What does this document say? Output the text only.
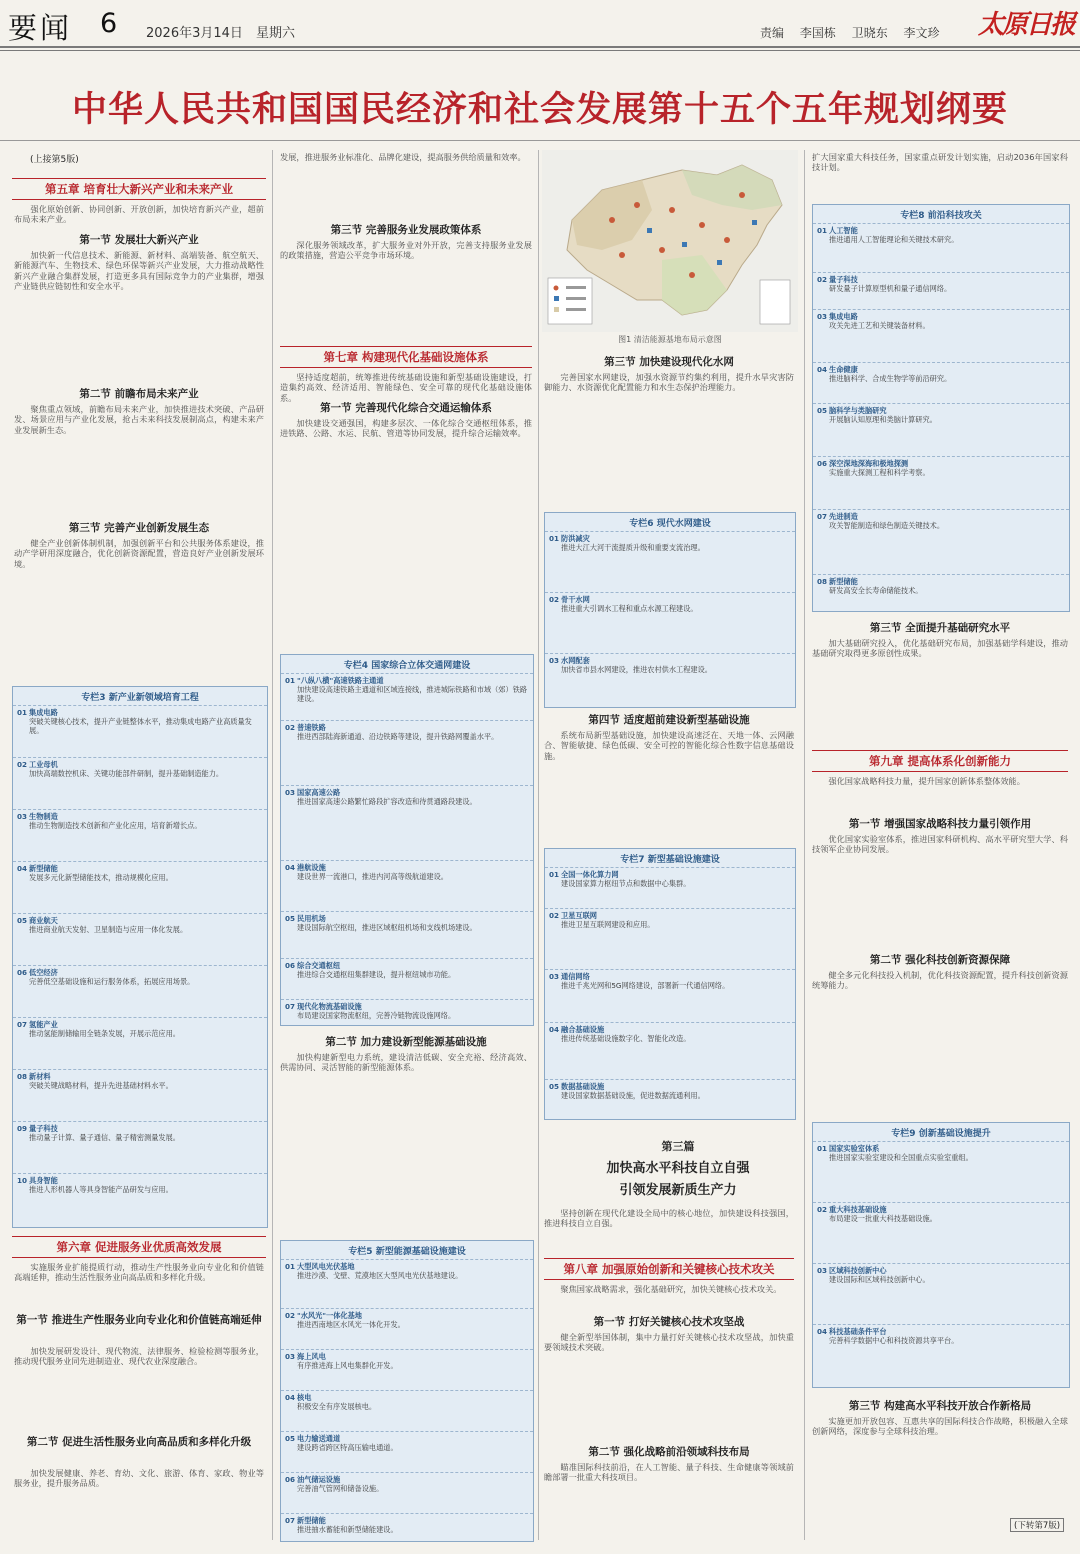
要闻 6 2026年3月14日 星期六	责编 李国栋 卫晓东 李文珍	太原日报
中华人民共和国国民经济和社会发展第十五个五年规划纲要
(上接第5版)
第五章 培育壮大新兴产业和未来产业
强化原始创新、协同创新、开放创新，加快培育新兴产业，超前布局未来产业。
第一节 发展壮大新兴产业
加快新一代信息技术、新能源、新材料、高端装备、航空航天、新能源汽车、生物技术、绿色环保等新兴产业发展，大力推动战略性新兴产业融合集群发展，打造更多具有国际竞争力的产业集群，增强产业链供应链韧性和安全水平。
第二节 前瞻布局未来产业
聚焦重点领域，前瞻布局未来产业，加快推进技术突破、产品研发、场景应用与产业化发展，抢占未来科技发展制高点，构建未来产业发展新生态。
第三节 完善产业创新发展生态
健全产业创新体制机制，加强创新平台和公共服务体系建设，推动产学研用深度融合，优化创新资源配置，营造良好产业创新发展环境。
专栏3 新产业新领域培育工程
01 集成电路
突破关键核心技术，提升产业链整体水平，推动集成电路产业高质量发展。
02 工业母机
加快高端数控机床、关键功能部件研制，提升基础制造能力。
03 生物制造
推动生物制造技术创新和产业化应用，培育新增长点。
04 新型储能
发展多元化新型储能技术，推动规模化应用。
05 商业航天
推进商业航天发射、卫星制造与应用一体化发展。
06 低空经济
完善低空基础设施和运行服务体系，拓展应用场景。
07 氢能产业
推动氢能制储输用全链条发展，开展示范应用。
08 新材料
突破关键战略材料，提升先进基础材料水平。
09 量子科技
推动量子计算、量子通信、量子精密测量发展。
10 具身智能
推进人形机器人等具身智能产品研发与应用。
第六章 促进服务业优质高效发展
实施服务业扩能提质行动，推动生产性服务业向专业化和价值链高端延伸，推动生活性服务业向高品质和多样化升级。
第一节 推进生产性服务业向专业化和价值链高端延伸
加快发展研发设计、现代物流、法律服务、检验检测等服务业，推动现代服务业同先进制造业、现代农业深度融合。
第二节 促进生活性服务业向高品质和多样化升级
加快发展健康、养老、育幼、文化、旅游、体育、家政、物业等服务业，提升服务品质。
发展，推进服务业标准化、品牌化建设，提高服务供给质量和效率。
第三节 完善服务业发展政策体系
深化服务领域改革，扩大服务业对外开放，完善支持服务业发展的政策措施，营造公平竞争市场环境。
第七章 构建现代化基础设施体系
坚持适度超前，统筹推进传统基础设施和新型基础设施建设，打造集约高效、经济适用、智能绿色、安全可靠的现代化基础设施体系。
第一节 完善现代化综合交通运输体系
加快建设交通强国，构建多层次、一体化综合交通枢纽体系，推进铁路、公路、水运、民航、管道等协同发展，提升综合运输效率。
专栏4 国家综合立体交通网建设
01 "八纵八横"高速铁路主通道
加快建设高速铁路主通道和区域连接线，推进城际铁路和市域（郊）铁路建设。
02 普速铁路
推进西部陆海新通道、沿边铁路等建设，提升铁路网覆盖水平。
03 国家高速公路
推进国家高速公路繁忙路段扩容改造和待贯通路段建设。
04 港航设施
建设世界一流港口，推进内河高等级航道建设。
05 民用机场
建设国际航空枢纽，推进区域枢纽机场和支线机场建设。
06 综合交通枢纽
推进综合交通枢纽集群建设，提升枢纽城市功能。
07 现代化物流基础设施
布局建设国家物流枢纽，完善冷链物流设施网络。
第二节 加力建设新型能源基础设施
加快构建新型电力系统，建设清洁低碳、安全充裕、经济高效、供需协同、灵活智能的新型能源体系。
专栏5 新型能源基础设施建设
01 大型风电光伏基地
推进沙漠、戈壁、荒漠地区大型风电光伏基地建设。
02 "水风光"一体化基地
推进西南地区水风光一体化开发。
03 海上风电
有序推进海上风电集群化开发。
04 核电
积极安全有序发展核电。
05 电力输送通道
建设跨省跨区特高压输电通道。
06 油气储运设施
完善油气管网和储备设施。
07 新型储能
推进抽水蓄能和新型储能建设。
图1 清洁能源基地布局示意图
第三节 加快建设现代化水网
完善国家水网建设，加强水资源节约集约利用，提升水旱灾害防御能力、水资源优化配置能力和水生态保护治理能力。
专栏6 现代水网建设
01 防洪减灾
推进大江大河干流提质升级和重要支流治理。
02 骨干水网
推进重大引调水工程和重点水源工程建设。
03 水网配套
加快省市县水网建设，推进农村供水工程建设。
第四节 适度超前建设新型基础设施
系统布局新型基础设施，加快建设高速泛在、天地一体、云网融合、智能敏捷、绿色低碳、安全可控的智能化综合性数字信息基础设施。
专栏7 新型基础设施建设
01 全国一体化算力网
建设国家算力枢纽节点和数据中心集群。
02 卫星互联网
推进卫星互联网建设和应用。
03 通信网络
推进千兆光网和5G网络建设，部署新一代通信网络。
04 融合基础设施
推进传统基础设施数字化、智能化改造。
05 数据基础设施
建设国家数据基础设施，促进数据流通利用。
第三篇
加快高水平科技自立自强
引领发展新质生产力
坚持创新在现代化建设全局中的核心地位，加快建设科技强国，推进科技自立自强。
第八章 加强原始创新和关键核心技术攻关
聚焦国家战略需求，强化基础研究，加快关键核心技术攻关。
第一节 打好关键核心技术攻坚战
健全新型举国体制，集中力量打好关键核心技术攻坚战，加快重要领域技术突破。
第二节 强化战略前沿领域科技布局
瞄准国际科技前沿，在人工智能、量子科技、生命健康等领域前瞻部署一批重大科技项目。
扩大国家重大科技任务，国家重点研发计划实施，启动2036年国家科技计划。
专栏8 前沿科技攻关
01 人工智能
推进通用人工智能理论和关键技术研究。
02 量子科技
研发量子计算原型机和量子通信网络。
03 集成电路
攻关先进工艺和关键装备材料。
04 生命健康
推进脑科学、合成生物学等前沿研究。
05 脑科学与类脑研究
开展脑认知原理和类脑计算研究。
06 深空深地深海和极地探测
实施重大探测工程和科学考察。
07 先进制造
攻关智能制造和绿色制造关键技术。
08 新型储能
研发高安全长寿命储能技术。
第三节 全面提升基础研究水平
加大基础研究投入，优化基础研究布局，加强基础学科建设，推动基础研究取得更多原创性成果。
第九章 提高体系化创新能力
强化国家战略科技力量，提升国家创新体系整体效能。
第一节 增强国家战略科技力量引领作用
优化国家实验室体系，推进国家科研机构、高水平研究型大学、科技领军企业协同发展。
第二节 强化科技创新资源保障
健全多元化科技投入机制，优化科技资源配置，提升科技创新资源统筹能力。
专栏9 创新基础设施提升
01 国家实验室体系
推进国家实验室建设和全国重点实验室重组。
02 重大科技基础设施
布局建设一批重大科技基础设施。
03 区域科技创新中心
建设国际和区域科技创新中心。
04 科技基础条件平台
完善科学数据中心和科技资源共享平台。
第三节 构建高水平科技开放合作新格局
实施更加开放包容、互惠共享的国际科技合作战略，积极融入全球创新网络，深度参与全球科技治理。
(下转第7版)
